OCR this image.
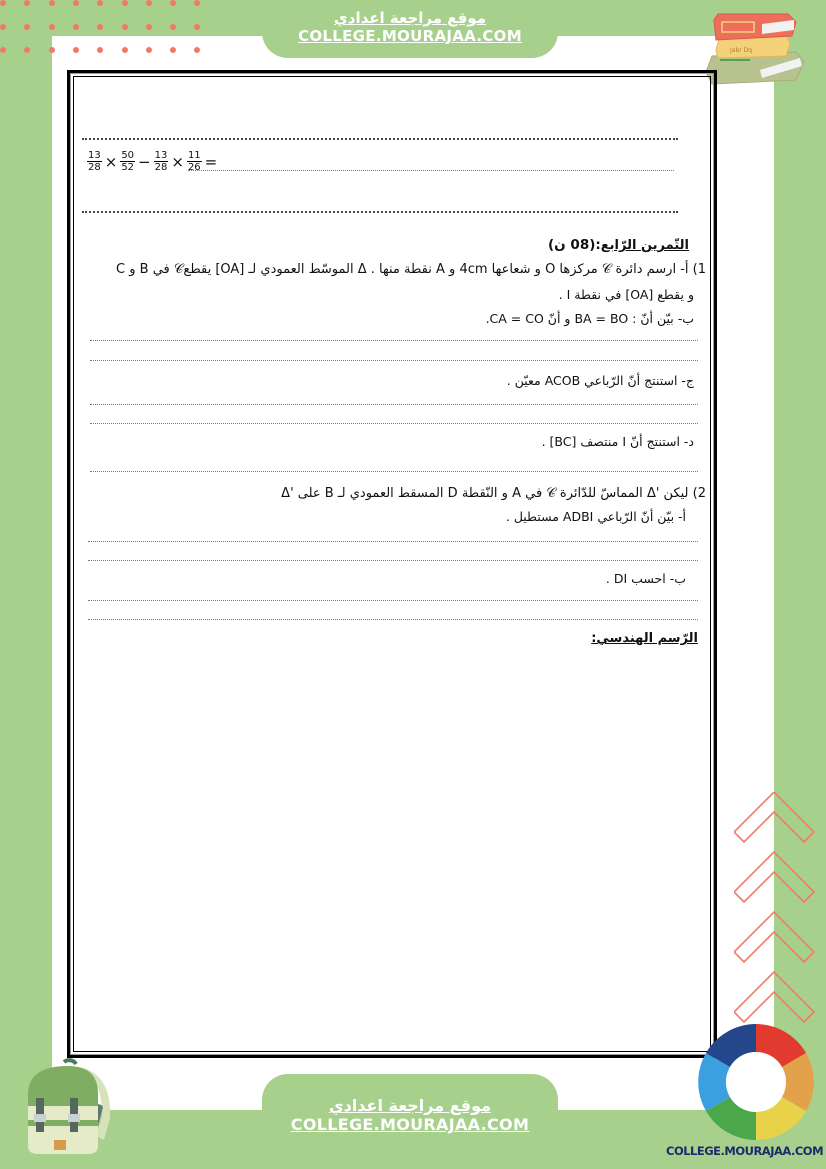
موقع مراجعة اعدادي
COLLEGE.MOURAJAA.COM
Jabr Dq
$\frac{13}{28} \times \frac{50}{52} - \frac{13}{28} \times \frac{11}{26}$ =
التّمرين الرّابع:(08 ن)
1) أ- ارسم دائرة 𝒞 مركزها O و شعاعها 4cm و A نقطة منها . Δ الموسّط العمودي لـ [OA] يقطع𝒞 في B و C
و يقطع [OA] في نقطة I .
ب- بيّن أنّ : BA = BO و أنّ CA = CO.
ج- استنتج أنّ الرّباعي ACOB معيّن .
د- استنتج أنّ I منتصف [BC] .
2) ليكن 'Δ المماسّ للدّائرة 𝒞 في A و النّقطة D المسقط العمودي لـ B على 'Δ
أ- بيّن أنّ الرّباعي ADBI مستطيل .
ب- احسب DI .
الرّسم الهندسي:
COLLEGE.MOURAJAA.COM
موقع مراجعة اعدادي
COLLEGE.MOURAJAA.COM
